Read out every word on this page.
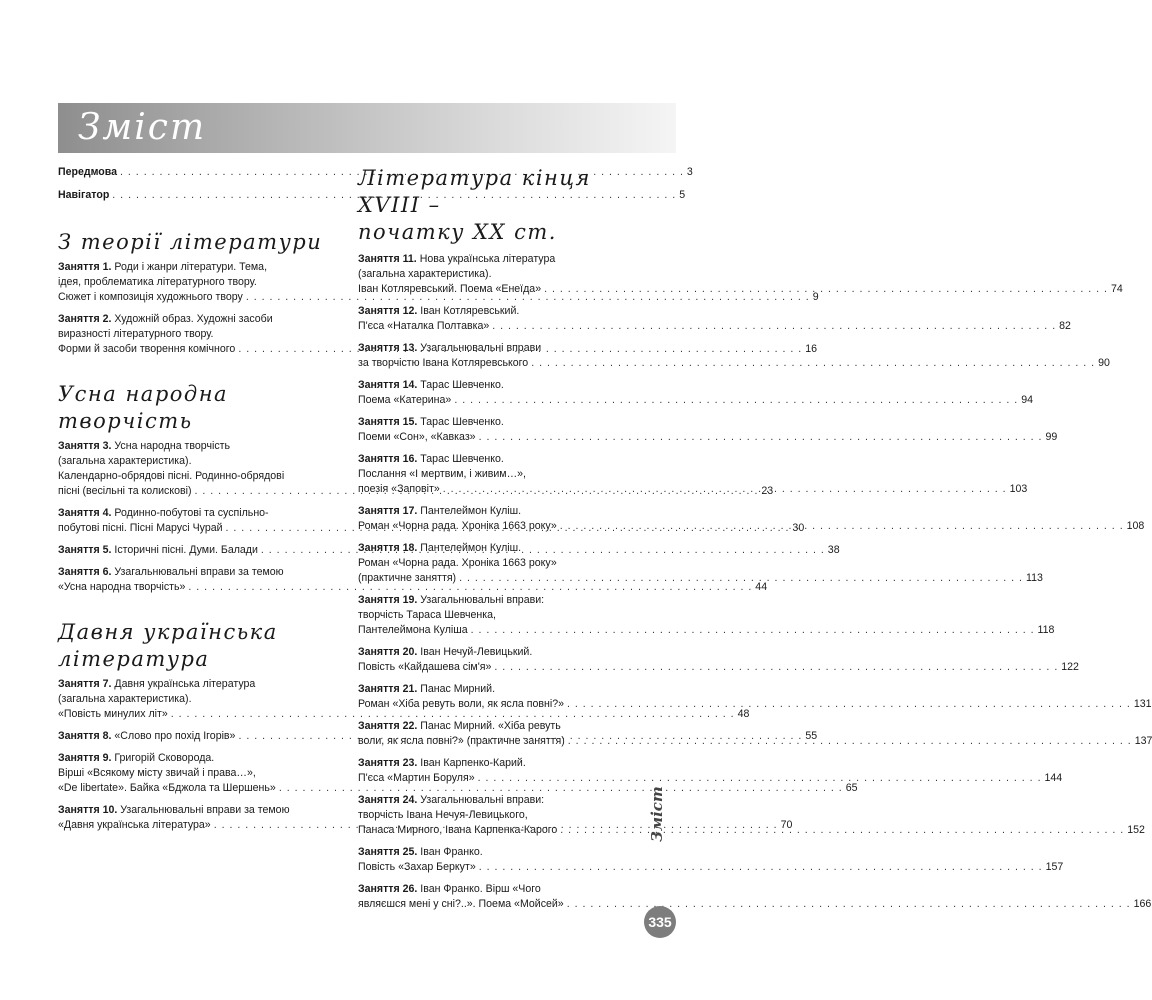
Зміст
Передмова . . .	3
Навігатор . . .	5
З теорії літератури
Заняття 1. Роди і жанри літератури. Тема,
ідея, проблематика літературного твору.
Сюжет і композиція художнього твору . . .	9
Заняття 2. Художній образ. Художні засоби
виразності літературного твору.
Форми й засоби творення комічного . . .	16
Усна народна творчість
Заняття 3. Усна народна творчість
(загальна характеристика).
Календарно-обрядові пісні. Родинно-обрядові
пісні (весільні та колискові) . . .	23
Заняття 4. Родинно-побутові та суспільно-
побутові пісні. Пісні Марусі Чурай . . .	30
Заняття 5. Історичні пісні. Думи. Балади . . .	38
Заняття 6. Узагальнювальні вправи за темою
«Усна народна творчість» . . .	44
Давня українська
література
Заняття 7. Давня українська література
(загальна характеристика).
«Повість минулих літ» . . .	48
Заняття 8. «Слово про похід Ігорів» . . .	55
Заняття 9. Григорій Сковорода.
Вірші «Всякому місту звичай і права…»,
«De libertate». Байка «Бджола та Шершень» . . .	65
Заняття 10. Узагальнювальні вправи за темою
«Давня українська література» . . .	70
Література кінця XVIII –
початку XX ст.
Заняття 11. Нова українська література
(загальна характеристика).
Іван Котляревський. Поема «Енеїда» . . .	74
Заняття 12. Іван Котляревський.
П'єса «Наталка Полтавка» . . .	82
Заняття 13. Узагальнювальні вправи
за творчістю Івана Котляревського . . .	90
Заняття 14. Тарас Шевченко.
Поема «Катерина» . . .	94
Заняття 15. Тарас Шевченко.
Поеми «Сон», «Кавказ» . . .	99
Заняття 16. Тарас Шевченко.
Послання «І мертвим, і живим…»,
поезія «Заповіт» . . .	103
Заняття 17. Пантелеймон Куліш.
Роман «Чорна рада. Хроніка 1663 року» . . .	108
Заняття 18. Пантелеймон Куліш.
Роман «Чорна рада. Хроніка 1663 року»
(практичне заняття) . . .	113
Заняття 19. Узагальнювальні вправи:
творчість Тараса Шевченка,
Пантелеймона Куліша . . .	118
Заняття 20. Іван Нечуй-Левицький.
Повість «Кайдашева сім'я» . . .	122
Заняття 21. Панас Мирний.
Роман «Хіба ревуть воли, як ясла повні?» . . .	131
Заняття 22. Панас Мирний. «Хіба ревуть
воли, як ясла повні?» (практичне заняття) . . .	137
Заняття 23. Іван Карпенко-Карий.
П'єса «Мартин Боруля» . . .	144
Заняття 24. Узагальнювальні вправи:
творчість Івана Нечуя-Левицького,
Панаса Мирного, Івана Карпенка-Карого . . .	152
Заняття 25. Іван Франко.
Повість «Захар Беркут» . . .	157
Заняття 26. Іван Франко. Вірш «Чого
являєшся мені у сні?..». Поема «Мойсей» . . .	166
Зміст
335
